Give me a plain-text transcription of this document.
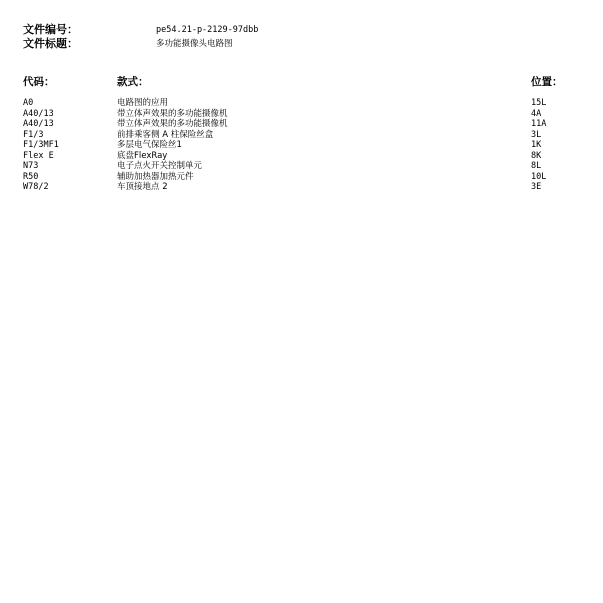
文件编号：	pe54.21-p-2129-97dbb
文件标题：	多功能摄像头电路图
代码：	款式：	位置：
A0	电路图的应用	15L
A40/13	带立体声效果的多功能摄像机	4A
A40/13	带立体声效果的多功能摄像机	11A
F1/3	前排乘客侧 A 柱保险丝盒	3L
F1/3MF1	多层电气保险丝1	1K
Flex E	底盘FlexRay	8K
N73	电子点火开关控制单元	8L
R50	辅助加热器加热元件	10L
W78/2	车顶接地点 2	3E
